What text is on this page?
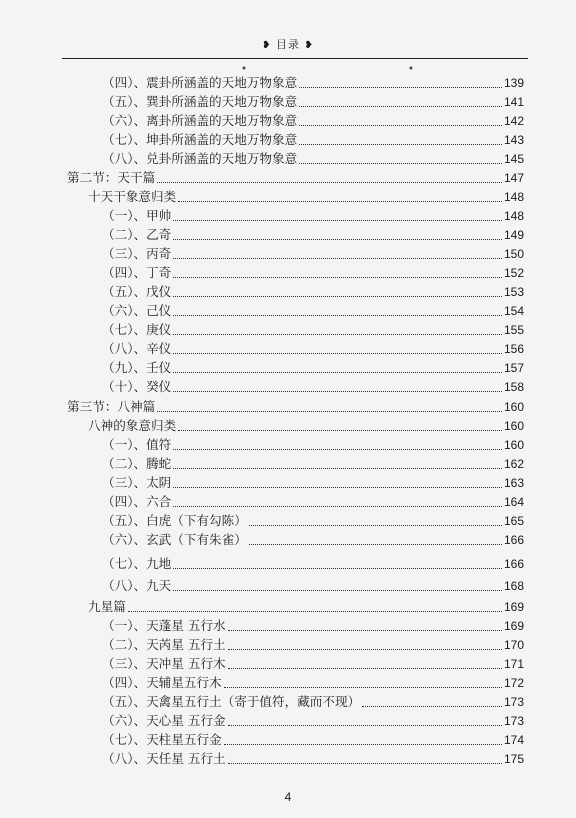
❥ 目录 ❥
•	•
（四）、震卦所涵盖的天地万物象意	139
（五）、巽卦所涵盖的天地万物象意	141
（六）、离卦所涵盖的天地万物象意	142
（七）、坤卦所涵盖的天地万物象意	143
（八）、兑卦所涵盖的天地万物象意	145
第二节：天干篇	147
十天干象意归类	148
（一）、甲帅	148
（二）、乙奇	149
（三）、丙奇	150
（四）、丁奇	152
（五）、戊仪	153
（六）、己仪	154
（七）、庚仪	155
（八）、辛仪	156
（九）、壬仪	157
（十）、癸仪	158
第三节：八神篇	160
八神的象意归类	160
（一）、值符	160
（二）、腾蛇	162
（三）、太阴	163
（四）、六合	164
（五）、白虎（下有勾陈）	165
（六）、玄武（下有朱雀）	166
（七）、九地	166
（八）、九天	168
九星篇	169
（一）、天蓬星 五行水	169
（二）、天芮星 五行土	170
（三）、天冲星 五行木	171
（四）、天辅星五行木	172
（五）、天禽星五行土（寄于值符，藏而不现）	173
（六）、天心星 五行金	173
（七）、天柱星五行金	174
（八）、天任星 五行土	175
4
